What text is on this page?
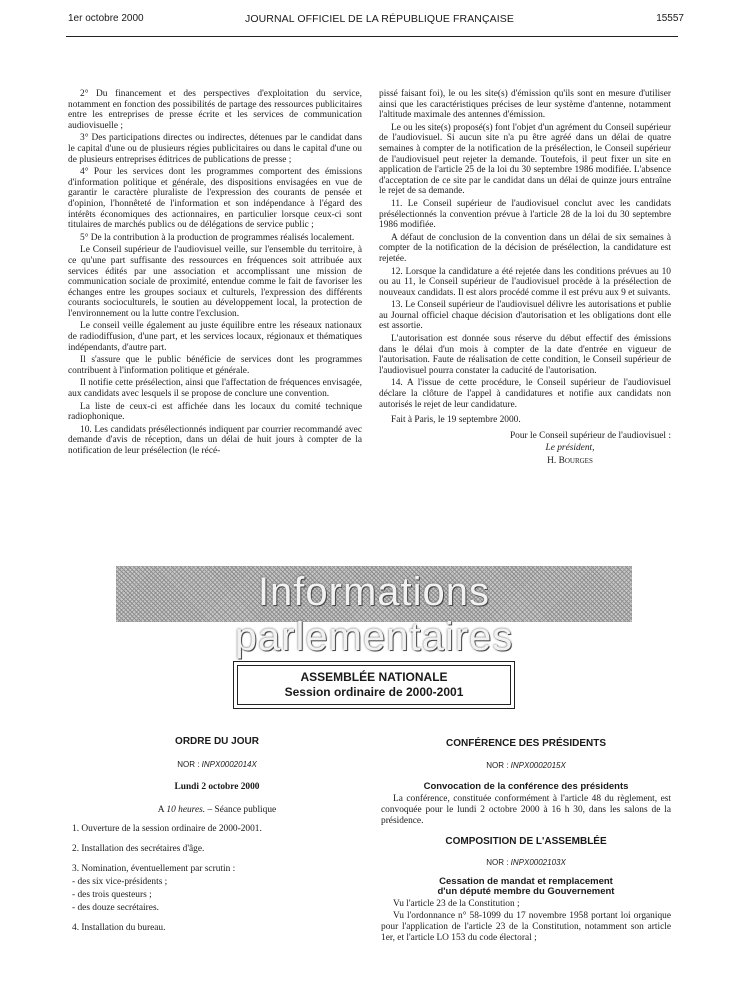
1er octobre 2000	JOURNAL OFFICIEL DE LA RÉPUBLIQUE FRANÇAISE	15557

2° Du financement et des perspectives d'exploitation du service, notamment en fonction des possibilités de partage des ressources publicitaires entre les entreprises de presse écrite et les services de communication audiovisuelle ;

3° Des participations directes ou indirectes, détenues par le candidat dans le capital d'une ou de plusieurs régies publicitaires ou dans le capital d'une ou de plusieurs entreprises éditrices de publications de presse ;

4° Pour les services dont les programmes comportent des émissions d'information politique et générale, des dispositions envisagées en vue de garantir le caractère pluraliste de l'expression des courants de pensée et d'opinion, l'honnêteté de l'information et son indépendance à l'égard des intérêts économiques des actionnaires, en particulier lorsque ceux-ci sont titulaires de marchés publics ou de délégations de service public ;

5° De la contribution à la production de programmes réalisés localement.

Le Conseil supérieur de l'audiovisuel veille, sur l'ensemble du territoire, à ce qu'une part suffisante des ressources en fréquences soit attribuée aux services édités par une association et accomplissant une mission de communication sociale de proximité, entendue comme le fait de favoriser les échanges entre les groupes sociaux et culturels, l'expression des différents courants socioculturels, le soutien au développement local, la protection de l'environnement ou la lutte contre l'exclusion.

Le conseil veille également au juste équilibre entre les réseaux nationaux de radiodiffusion, d'une part, et les services locaux, régionaux et thématiques indépendants, d'autre part.

Il s'assure que le public bénéficie de services dont les programmes contribuent à l'information politique et générale.

Il notifie cette présélection, ainsi que l'affectation de fréquences envisagée, aux candidats avec lesquels il se propose de conclure une convention.

La liste de ceux-ci est affichée dans les locaux du comité technique radiophonique.

10. Les candidats présélectionnés indiquent par courrier recommandé avec demande d'avis de réception, dans un délai de huit jours à compter de la notification de leur présélection (le récé-

pissé faisant foi), le ou les site(s) d'émission qu'ils sont en mesure d'utiliser ainsi que les caractéristiques précises de leur système d'antenne, notamment l'altitude maximale des antennes d'émission.

Le ou les site(s) proposé(s) font l'objet d'un agrément du Conseil supérieur de l'audiovisuel. Si aucun site n'a pu être agréé dans un délai de quatre semaines à compter de la notification de la présélection, le Conseil supérieur de l'audiovisuel peut rejeter la demande. Toutefois, il peut fixer un site en application de l'article 25 de la loi du 30 septembre 1986 modifiée. L'absence d'acceptation de ce site par le candidat dans un délai de quinze jours entraîne le rejet de sa demande.

11. Le Conseil supérieur de l'audiovisuel conclut avec les candidats présélectionnés la convention prévue à l'article 28 de la loi du 30 septembre 1986 modifiée.

A défaut de conclusion de la convention dans un délai de six semaines à compter de la notification de la décision de présélection, la candidature est rejetée.

12. Lorsque la candidature a été rejetée dans les conditions prévues au 10 ou au 11, le Conseil supérieur de l'audiovisuel procède à la présélection de nouveaux candidats. Il est alors procédé comme il est prévu aux 9 et suivants.

13. Le Conseil supérieur de l'audiovisuel délivre les autorisations et publie au Journal officiel chaque décision d'autorisation et les obligations dont elle est assortie.

L'autorisation est donnée sous réserve du début effectif des émissions dans le délai d'un mois à compter de la date d'entrée en vigueur de l'autorisation. Faute de réalisation de cette condition, le Conseil supérieur de l'audiovisuel pourra constater la caducité de l'autorisation.

14. A l'issue de cette procédure, le Conseil supérieur de l'audiovisuel déclare la clôture de l'appel à candidatures et notifie aux candidats non autorisés le rejet de leur candidature.

Fait à Paris, le 19 septembre 2000.

Pour le Conseil supérieur de l'audiovisuel :

Le président,

H. Bourges

Informations parlementaires
ASSEMBLÉE NATIONALE
Session ordinaire de 2000-2001
ORDRE DU JOUR
NOR : INPX0002014X
Lundi 2 octobre 2000
A 10 heures. – Séance publique
1. Ouverture de la session ordinaire de 2000-2001.
2. Installation des secrétaires d'âge.
3. Nomination, éventuellement par scrutin :
- des six vice-présidents ;
- des trois questeurs ;
- des douze secrétaires.
4. Installation du bureau.
CONFÉRENCE DES PRÉSIDENTS
NOR : INPX0002015X
Convocation de la conférence des présidents

La conférence, constituée conformément à l'article 48 du règlement, est convoquée pour le lundi 2 octobre 2000 à 16 h 30, dans les salons de la présidence.

COMPOSITION DE L'ASSEMBLÉE
NOR : INPX0002103X
Cessation de mandat et remplacement
d'un député membre du Gouvernement

Vu l'article 23 de la Constitution ;

Vu l'ordonnance n° 58-1099 du 17 novembre 1958 portant loi organique pour l'application de l'article 23 de la Constitution, notamment son article 1er, et l'article LO 153 du code électoral ;
